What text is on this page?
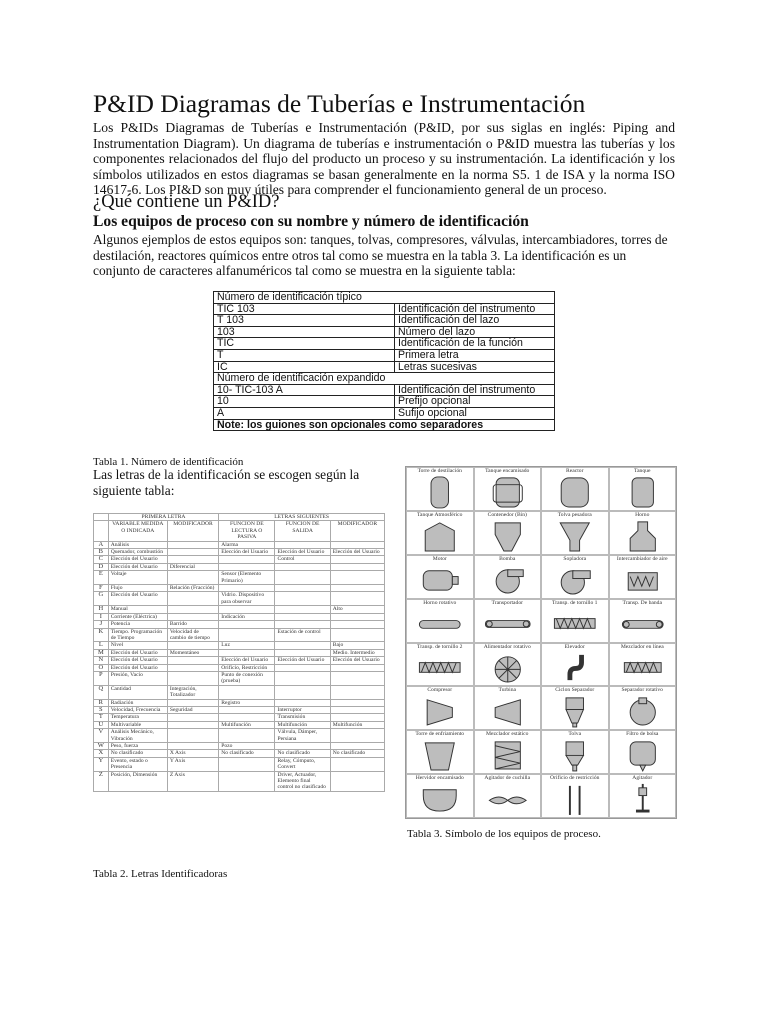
P&ID Diagramas de Tuberías e Instrumentación
Los P&IDs Diagramas de Tuberías e Instrumentación (P&ID, por sus siglas en inglés: Piping and Instrumentation Diagram). Un diagrama de tuberías e instrumentación o P&ID muestra las tuberías y los componentes relacionados del flujo del producto un proceso y su instrumentación. La identificación y los símbolos utilizados en estos diagramas se basan generalmente en la norma S5. 1 de ISA y la norma ISO 14617-6. Los PI&D son muy útiles para comprender el funcionamiento general de un proceso.
¿Qué contiene un P&ID?
Los equipos de proceso con su nombre y número de identificación
Algunos ejemplos de estos equipos son: tanques, tolvas, compresores, válvulas, intercambiadores, torres de destilación, reactores químicos entre otros tal como se muestra en la tabla 3. La identificación es un conjunto de caracteres alfanuméricos tal como se muestra en la siguiente tabla:
Número de identificación típico	
TIC 103	Identificación del instrumento
T 103	Identificación del lazo
103	Número del lazo
TIC	Identificación de la función
T	Primera letra
IC	Letras sucesivas
Número de identificación expandido	
10- TIC-103 A	Identificación del instrumento
10	Prefijo opcional
A	Sufijo opcional
Note: los guiones son opcionales como separadores	
Tabla 1. Número de identificación
Las letras de la identificación se escogen según la siguiente tabla:
	PRIMERA LETRA		LETRAS SIGUIENTES		
	VARIABLE MEDIDA O INDICADA	MODIFICADOR	FUNCION DE LECTURA O PASIVA	FUNCION DE SALIDA	MODIFICADOR
A	Análisis		Alarma		
B	Quemador, combustión		Elección del Usuario	Elección del Usuario	Elección del Usuario
C	Elección del Usuario			Control	
D	Elección del Usuario	Diferencial			
E	Voltaje		Sensor (Elemento Primario)		
F	Flujo	Relación (Fracción)			
G	Elección del Usuario		Vidrio. Dispositivo para observar		
H	Manual				Alto
I	Corriente (Eléctrica)		Indicación		
J	Potencia	Barrido			
K	Tiempo. Programación de Tiempo	Velocidad de cambio de tiempo		Estación de control	
L	Nivel		Luz		Bajo
M	Elección del Usuario	Momentáneo			Medio. Intermedio
N	Elección del Usuario		Elección del Usuario	Elección del Usuario	Elección del Usuario
O	Elección del Usuario		Orificio, Restricción		
P	Presión, Vacío		Punto de conexión (prueba)		
Q	Cantidad	Integración, Totalizador			
R	Radiación		Registro		
S	Velocidad, Frecuencia	Seguridad		Interruptor	
T	Temperatura			Transmisión	
U	Multivariable		Multifunción	Multifunción	Multifunción
V	Análisis Mecánico, Vibración			Válvula, Dámper, Persiana	
W	Peso, fuerza		Pozo		
X	No clasificado	X Axis	No clasificado	No clasificado	No clasificado
Y	Evento, estado o Presencia	Y Axis		Relay, Cómputo, Convert	
Z	Posición, Dimensión	Z Axis		Driver, Actuador, Elemento final control no clasificado	
Tabla 2. Letras Identificadoras
Torre de destilación	Tanque encamisado	Reactor	Tanque
Tanque Atmosférico	Contenedor (Bin)	Tolva pesadora	Horno
Motor	Bomba	Sopladora	Intercambiador de aire
Horno rotativo	Transportador	Transp. de tornillo 1	Transp. De banda
Transp. de tornillo 2	Alimentador rotativo	Elevador	Mezclador en línea
Compresor	Turbina	Ciclon Separador	Separador rotativo
Torre de enfriamiento	Mezclador estático	Tolva	Filtro de bolsa
Hervidor encamisado	Agitador de cuchilla	Orificio de restricción	Agitador
Tabla 3. Símbolo de los equipos de proceso.
